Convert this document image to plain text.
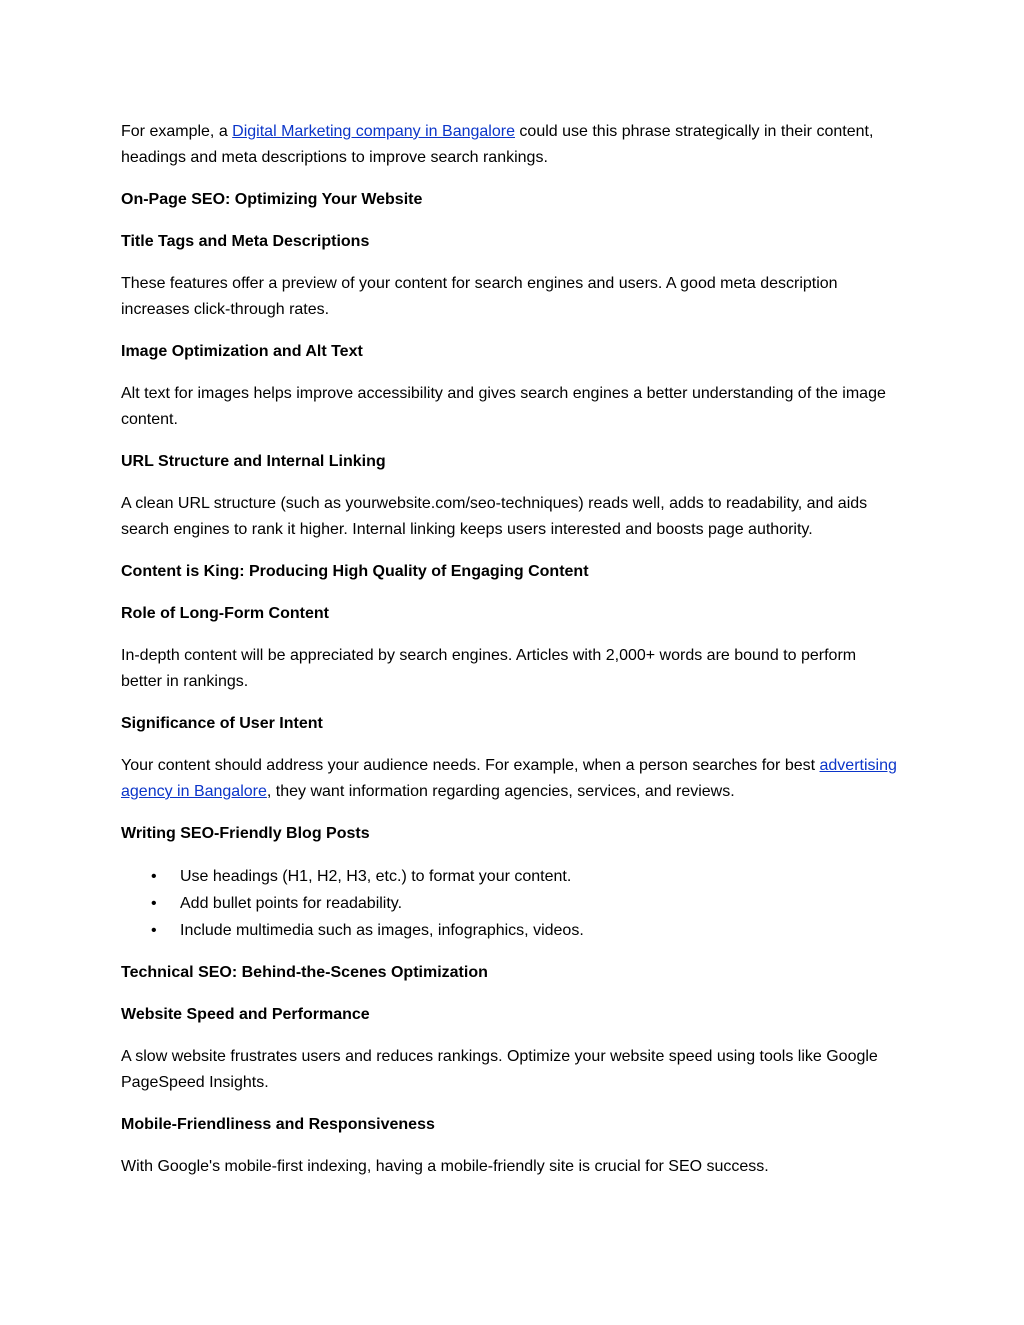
For example, a Digital Marketing company in Bangalore could use this phrase strategically in their content, headings and meta descriptions to improve search rankings.

On-Page SEO: Optimizing Your Website

Title Tags and Meta Descriptions

These features offer a preview of your content for search engines and users. A good meta description increases click-through rates.

Image Optimization and Alt Text

Alt text for images helps improve accessibility and gives search engines a better understanding of the image content.

URL Structure and Internal Linking

A clean URL structure (such as yourwebsite.com/seo-techniques) reads well, adds to readability, and aids search engines to rank it higher. Internal linking keeps users interested and boosts page authority.

Content is King: Producing High Quality of Engaging Content

Role of Long-Form Content

In-depth content will be appreciated by search engines. Articles with 2,000+ words are bound to perform better in rankings.

Significance of User Intent

Your content should address your audience needs. For example, when a person searches for best advertising agency in Bangalore, they want information regarding agencies, services, and reviews.

Writing SEO-Friendly Blog Posts

• Use headings (H1, H2, H3, etc.) to format your content.
• Add bullet points for readability.
• Include multimedia such as images, infographics, videos.

Technical SEO: Behind-the-Scenes Optimization

Website Speed and Performance

A slow website frustrates users and reduces rankings. Optimize your website speed using tools like Google PageSpeed Insights.

Mobile-Friendliness and Responsiveness

With Google's mobile-first indexing, having a mobile-friendly site is crucial for SEO success.
